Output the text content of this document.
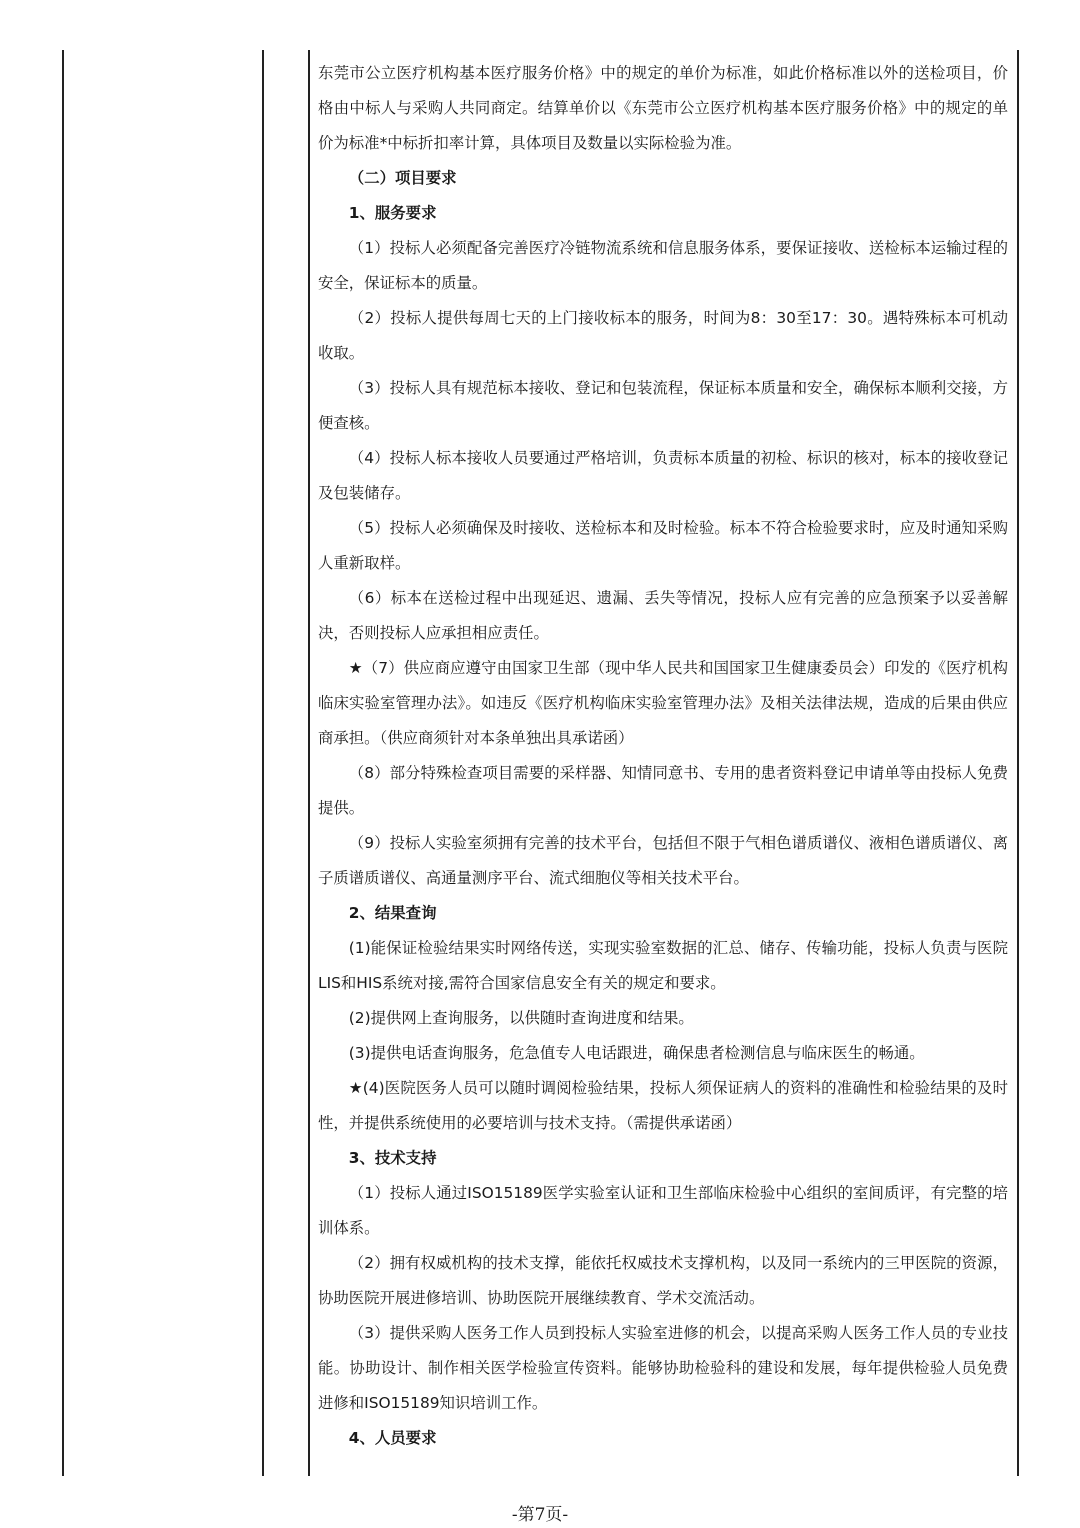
东莞市公立医疗机构基本医疗服务价格》中的规定的单价为标准，如此价格标准以外的送检项目，价格由中标人与采购人共同商定。结算单价以《东莞市公立医疗机构基本医疗服务价格》中的规定的单价为标准*中标折扣率计算，具体项目及数量以实际检验为准。

（二）项目要求

1、服务要求

（1）投标人必须配备完善医疗冷链物流系统和信息服务体系，要保证接收、送检标本运输过程的安全，保证标本的质量。

（2）投标人提供每周七天的上门接收标本的服务，时间为8：30至17：30。遇特殊标本可机动收取。

（3）投标人具有规范标本接收、登记和包装流程，保证标本质量和安全，确保标本顺利交接，方便查核。

（4）投标人标本接收人员要通过严格培训，负责标本质量的初检、标识的核对，标本的接收登记及包装储存。

（5）投标人必须确保及时接收、送检标本和及时检验。标本不符合检验要求时，应及时通知采购人重新取样。

（6）标本在送检过程中出现延迟、遗漏、丢失等情况，投标人应有完善的应急预案予以妥善解决，否则投标人应承担相应责任。

★（7）供应商应遵守由国家卫生部（现中华人民共和国国家卫生健康委员会）印发的《医疗机构临床实验室管理办法》。如违反《医疗机构临床实验室管理办法》及相关法律法规，造成的后果由供应商承担。（供应商须针对本条单独出具承诺函）

（8）部分特殊检查项目需要的采样器、知情同意书、专用的患者资料登记申请单等由投标人免费提供。

（9）投标人实验室须拥有完善的技术平台，包括但不限于气相色谱质谱仪、液相色谱质谱仪、离子质谱质谱仪、高通量测序平台、流式细胞仪等相关技术平台。

2、结果查询

(1)能保证检验结果实时网络传送，实现实验室数据的汇总、储存、传输功能，投标人负责与医院LIS和HIS系统对接,需符合国家信息安全有关的规定和要求。

(2)提供网上查询服务，以供随时查询进度和结果。

(3)提供电话查询服务，危急值专人电话跟进，确保患者检测信息与临床医生的畅通。

★(4)医院医务人员可以随时调阅检验结果，投标人须保证病人的资料的准确性和检验结果的及时性，并提供系统使用的必要培训与技术支持。（需提供承诺函）

3、技术支持

（1）投标人通过ISO15189医学实验室认证和卫生部临床检验中心组织的室间质评，有完整的培训体系。

（2）拥有权威机构的技术支撑，能依托权威技术支撑机构，以及同一系统内的三甲医院的资源，协助医院开展进修培训、协助医院开展继续教育、学术交流活动。

（3）提供采购人医务工作人员到投标人实验室进修的机会，以提高采购人医务工作人员的专业技能。协助设计、制作相关医学检验宣传资料。能够协助检验科的建设和发展，每年提供检验人员免费进修和ISO15189知识培训工作。

4、人员要求

-第7页-
